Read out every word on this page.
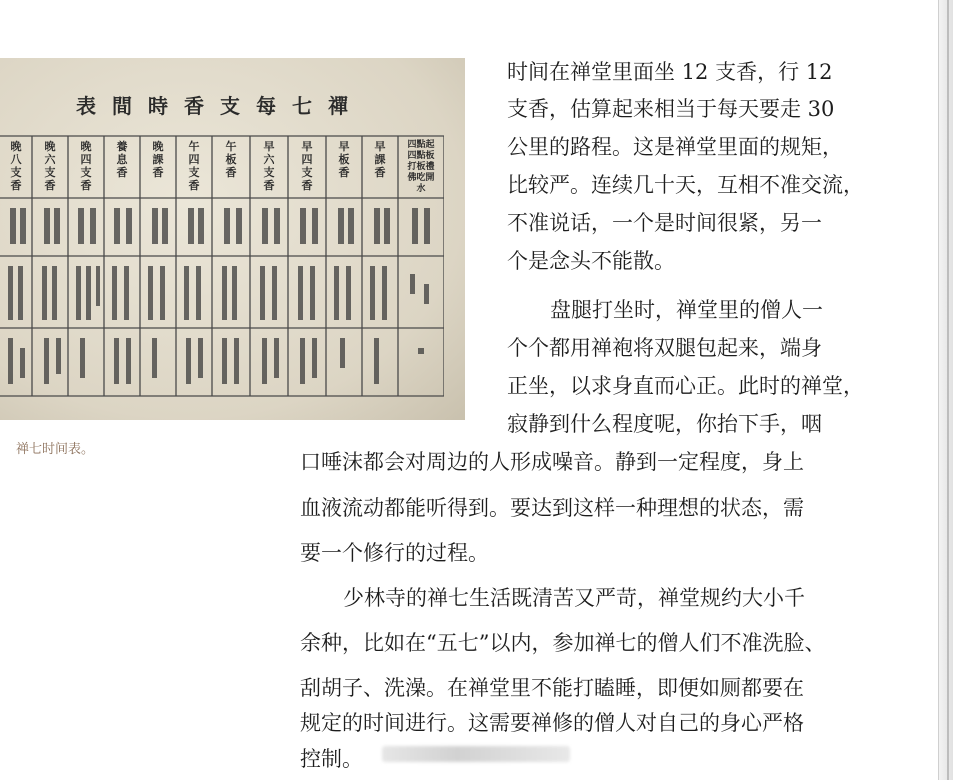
表間時香支每七禪
晚八支香
晚六支香
晚四支香
養息香
晚課香
午四支香
午板香
早六支香
早四支香
早板香
早課香
四點起四點板打板禮佛吃開水
禅七时间表。
时间在禅堂里面坐 12 支香，行 12
支香，估算起来相当于每天要走 30
公里的路程。这是禅堂里面的规矩，
比较严。连续几十天，互相不准交流，
不准说话，一个是时间很紧，另一
个是念头不能散。
盘腿打坐时，禅堂里的僧人一
个个都用禅袍将双腿包起来，端身
正坐，以求身直而心正。此时的禅堂，
寂静到什么程度呢，你抬下手，咽
口唾沫都会对周边的人形成噪音。静到一定程度，身上
血液流动都能听得到。要达到这样一种理想的状态，需
要一个修行的过程。
少林寺的禅七生活既清苦又严苛，禅堂规约大小千
余种，比如在“五七”以内，参加禅七的僧人们不准洗脸、
刮胡子、洗澡。在禅堂里不能打瞌睡，即便如厕都要在
规定的时间进行。这需要禅修的僧人对自己的身心严格
控制。
